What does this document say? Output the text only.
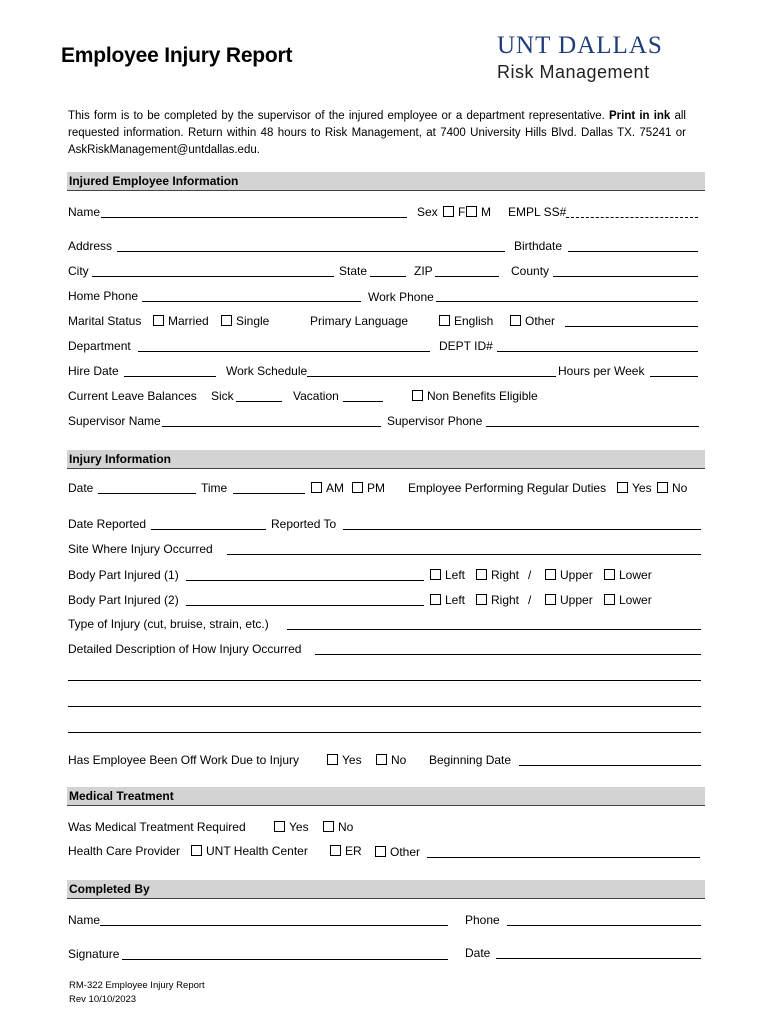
Employee Injury Report	UNT DALLAS
Risk Management
This form is to be completed by the supervisor of the injured employee or a department representative. Print in ink all requested information. Return within 48 hours to Risk Management, at 7400 University Hills Blvd. Dallas TX. 75241 or AskRiskManagement@untdallas.edu.
Injured Employee Information
Name	Sex	F	M EMPL SS#
Address	Birthdate
City	State	ZIP	County
Home Phone	Work Phone
Marital Status	Married	Single	Primary Language	English	Other
Department	DEPT ID#
Hire Date	Work Schedule	Hours per Week
Current Leave Balances Sick	Vacation	Non Benefits Eligible
Supervisor Name	Supervisor Phone
Injury Information
Date	Time	AM	PM Employee Performing Regular Duties	Yes	No
Date Reported	Reported To
Site Where Injury Occurred
Body Part Injured (1)	Left	Right /	Upper	Lower
Body Part Injured (2)	Left	Right /	Upper	Lower
Type of Injury (cut, bruise, strain, etc.)
Detailed Description of How Injury Occurred
Has Employee Been Off Work Due to Injury	Yes	No Beginning Date
Medical Treatment
Was Medical Treatment Required	Yes	No
Health Care Provider	UNT Health Center	ER	Other
Completed By
Name	Phone
Signature	Date
RM-322 Employee Injury Report
Rev 10/10/2023
